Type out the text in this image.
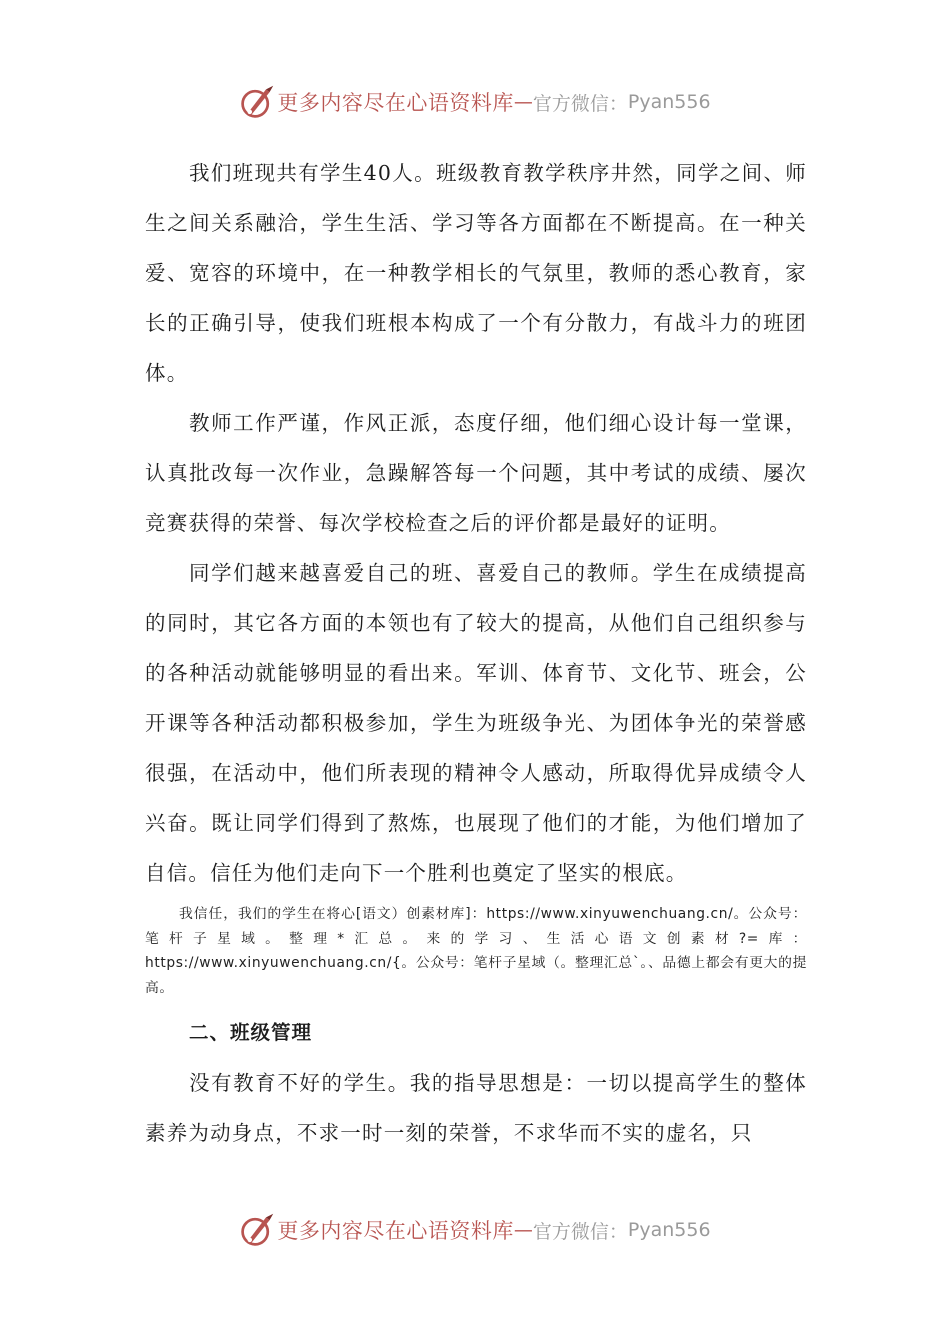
更多内容尽在心语资料库 — 官方微信： Pyan556

我们班现共有学生40人。班级教育教学秩序井然，同学之间、师生之间关系融洽，学生生活、学习等各方面都在不断提高。在一种关爱、宽容的环境中，在一种教学相长的气氛里，教师的悉心教育，家长的正确引导，使我们班根本构成了一个有分散力，有战斗力的班团体。

教师工作严谨，作风正派，态度仔细，他们细心设计每一堂课，认真批改每一次作业，急躁解答每一个问题，其中考试的成绩、屡次竞赛获得的荣誉、每次学校检查之后的评价都是最好的证明。

同学们越来越喜爱自己的班、喜爱自己的教师。学生在成绩提高的同时，其它各方面的本领也有了较大的提高，从他们自己组织参与的各种活动就能够明显的看出来。军训、体育节、文化节、班会，公开课等各种活动都积极参加，学生为班级争光、为团体争光的荣誉感很强，在活动中，他们所表现的精神令人感动，所取得优异成绩令人兴奋。既让同学们得到了熬炼，也展现了他们的才能，为他们增加了自信。信任为他们走向下一个胜利也奠定了坚实的根底。

我信任，我们的学生在将心[语文）创素材库]：https://www.xinyuwenchuang.cn/。公众号：笔杆子星域。整理*汇总。来的学习、生活心语文创素材?=库：https://www.xinyuwenchuang.cn/{。公众号：笔杆子星域（。整理汇总`。、品德上都会有更大的提高。

二、班级管理

没有教育不好的学生。我的指导思想是：一切以提高学生的整体素养为动身点，不求一时一刻的荣誉，不求华而不实的虚名，只

更多内容尽在心语资料库 — 官方微信： Pyan556
